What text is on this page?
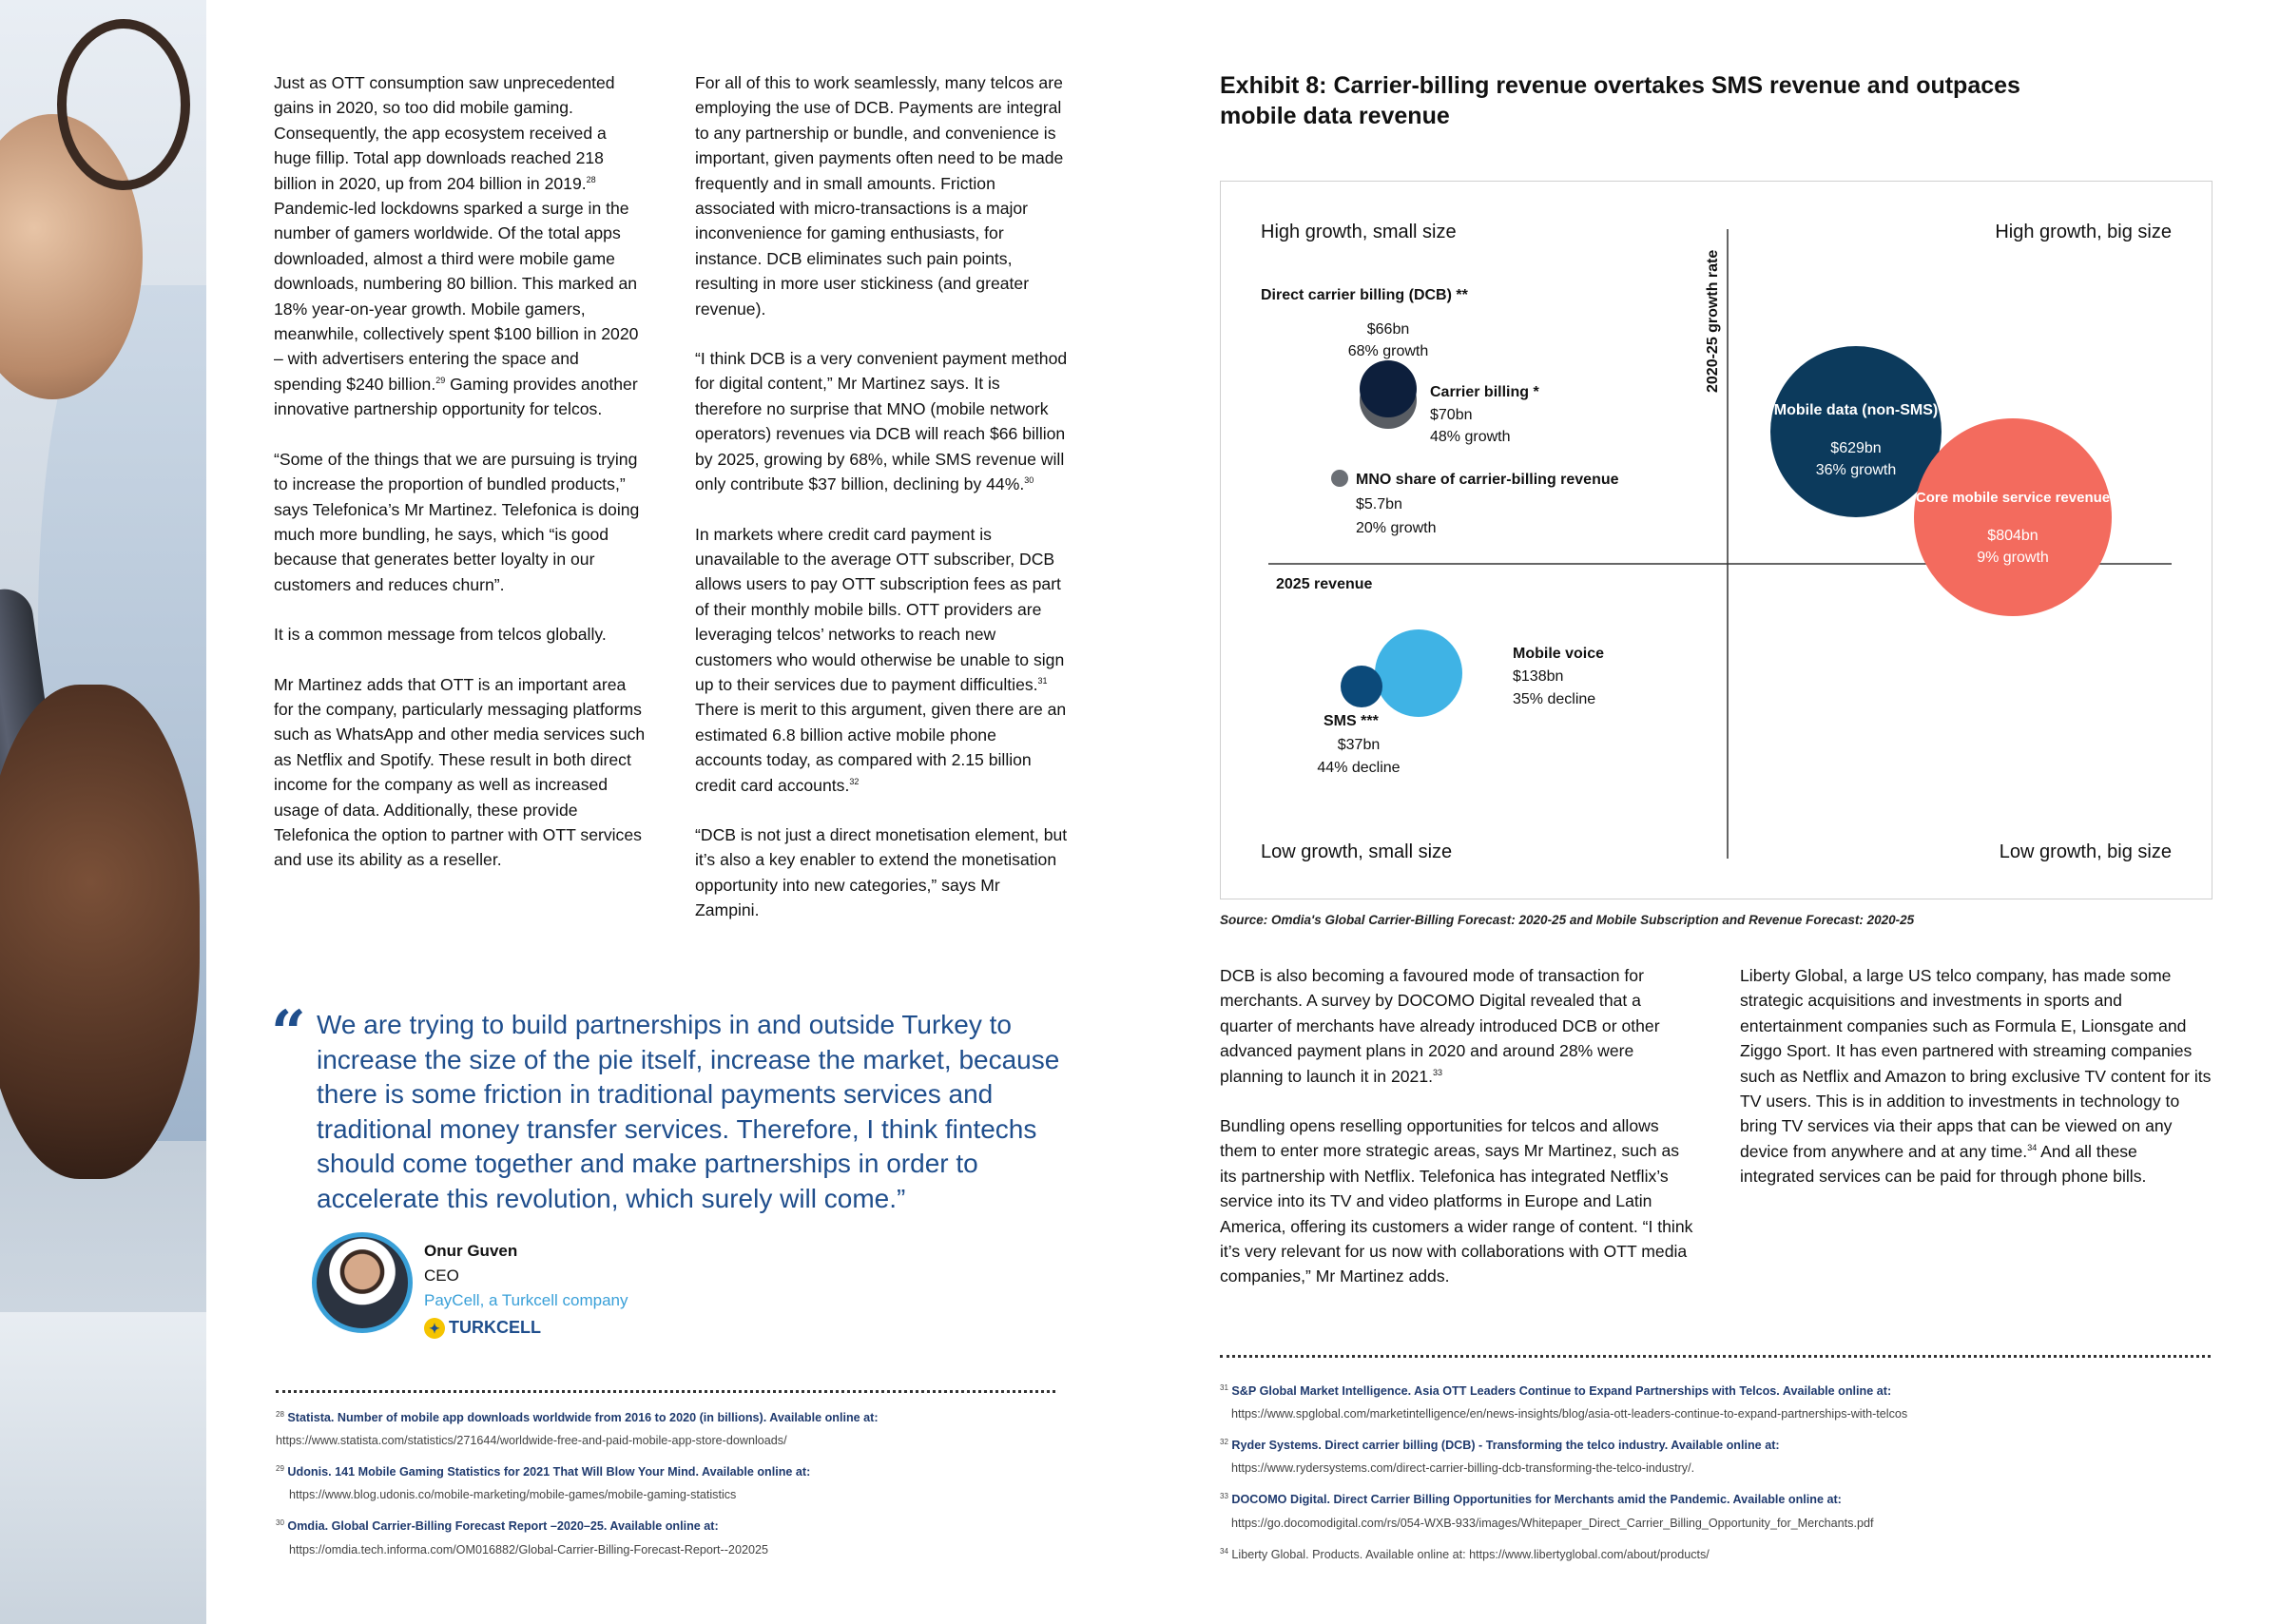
Just as OTT consumption saw unprecedented gains in 2020, so too did mobile gaming. Consequently, the app ecosystem received a huge fillip. Total app downloads reached 218 billion in 2020, up from 204 billion in 2019.28 Pandemic-led lockdowns sparked a surge in the number of gamers worldwide. Of the total apps downloaded, almost a third were mobile game downloads, numbering 80 billion. This marked an 18% year-on-year growth. Mobile gamers, meanwhile, collectively spent $100 billion in 2020 – with advertisers entering the space and spending $240 billion.$^{29}$ Gaming provides another innovative partnership opportunity for telcos.

“Some of the things that we are pursuing is trying to increase the proportion of bundled products,” says Telefonica’s Mr Martinez. Telefonica is doing much more bundling, he says, which “is good because that generates better loyalty in our customers and reduces churn”.

It is a common message from telcos globally.

Mr Martinez adds that OTT is an important area for the company, particularly messaging platforms such as WhatsApp and other media services such as Netflix and Spotify. These result in both direct income for the company as well as increased usage of data. Additionally, these provide Telefonica the option to partner with OTT services and use its ability as a reseller.

For all of this to work seamlessly, many telcos are employing the use of DCB. Payments are integral to any partnership or bundle, and convenience is important, given payments often need to be made frequently and in small amounts. Friction associated with micro-transactions is a major inconvenience for gaming enthusiasts, for instance. DCB eliminates such pain points, resulting in more user stickiness (and greater revenue).

“I think DCB is a very convenient payment method for digital content,” Mr Martinez says. It is therefore no surprise that MNO (mobile network operators) revenues via DCB will reach $66 billion by 2025, growing by 68%, while SMS revenue will only contribute $37 billion, declining by 44%.$^{30}$

In markets where credit card payment is unavailable to the average OTT subscriber, DCB allows users to pay OTT subscription fees as part of their monthly mobile bills. OTT providers are leveraging telcos’ networks to reach new customers who would otherwise be unable to sign up to their services due to payment difficulties.$^{31}$ There is merit to this argument, given there are an estimated 6.8 billion active mobile phone accounts today, as compared with 2.15 billion credit card accounts.$^{32}$

“DCB is not just a direct monetisation element, but it’s also a key enabler to extend the monetisation opportunity into new categories,” says Mr Zampini.

“ We are trying to build partnerships in and outside Turkey to increase the size of the pie itself, increase the market, because there is some friction in traditional payments services and traditional money transfer services. Therefore, I think fintechs should come together and make partnerships in order to accelerate this revolution, which surely will come.”
Onur Guven
CEO
PayCell, a Turkcell company
✦ TURKCELL
$^{28}$ Statista. Number of mobile app downloads worldwide from 2016 to 2020 (in billions). Available online at: https://www.statista.com/statistics/271644/worldwide-free-and-paid-mobile-app-store-downloads/
$^{29}$ Udonis. 141 Mobile Gaming Statistics for 2021 That Will Blow Your Mind. Available online at:
https://www.blog.udonis.co/mobile-marketing/mobile-games/mobile-gaming-statistics
$^{30}$ Omdia. Global Carrier-Billing Forecast Report –2020–25. Available online at:
https://omdia.tech.informa.com/OM016882/Global-Carrier-Billing-Forecast-Report--202025
Exhibit 8: Carrier-billing revenue overtakes SMS revenue and outpaces mobile data revenue
High growth, small size	High growth, big size
Low growth, small size	Low growth, big size
2025 revenue
2020-25 growth rate
Direct carrier billing (DCB) **
$66bn
68% growth
Carrier billing *
$70bn
48% growth
MNO share of carrier-billing revenue
$5.7bn
20% growth
Mobile data (non-SMS)
$629bn
36% growth
Core mobile service revenue
$804bn
9% growth
Mobile voice
$138bn
35% decline
SMS ***
$37bn
44% decline
Source: Omdia's Global Carrier-Billing Forecast: 2020-25 and Mobile Subscription and Revenue Forecast: 2020-25

DCB is also becoming a favoured mode of transaction for merchants. A survey by DOCOMO Digital revealed that a quarter of merchants have already introduced DCB or other advanced payment plans in 2020 and around 28% were planning to launch it in 2021.33

Bundling opens reselling opportunities for telcos and allows them to enter more strategic areas, says Mr Martinez, such as its partnership with Netflix. Telefonica has integrated Netflix’s service into its TV and video platforms in Europe and Latin America, offering its customers a wider range of content. “I think it’s very relevant for us now with collaborations with OTT media companies,” Mr Martinez adds.

Liberty Global, a large US telco company, has made some strategic acquisitions and investments in sports and entertainment companies such as Formula E, Lionsgate and Ziggo Sport. It has even partnered with streaming companies such as Netflix and Amazon to bring exclusive TV content for its TV users. This is in addition to investments in technology to bring TV services via their apps that can be viewed on any device from anywhere and at any time.$^{34}$ And all these integrated services can be paid for through phone bills.

$^{31}$ S&P Global Market Intelligence. Asia OTT Leaders Continue to Expand Partnerships with Telcos. Available online at:
https://www.spglobal.com/marketintelligence/en/news-insights/blog/asia-ott-leaders-continue-to-expand-partnerships-with-telcos
$^{32}$ Ryder Systems. Direct carrier billing (DCB) - Transforming the telco industry. Available online at:
https://www.rydersystems.com/direct-carrier-billing-dcb-transforming-the-telco-industry/.
$^{33}$ DOCOMO Digital. Direct Carrier Billing Opportunities for Merchants amid the Pandemic. Available online at:
https://go.docomodigital.com/rs/054-WXB-933/images/Whitepaper_Direct_Carrier_Billing_Opportunity_for_Merchants.pdf
$^{34}$ Liberty Global. Products. Available online at: https://www.libertyglobal.com/about/products/
